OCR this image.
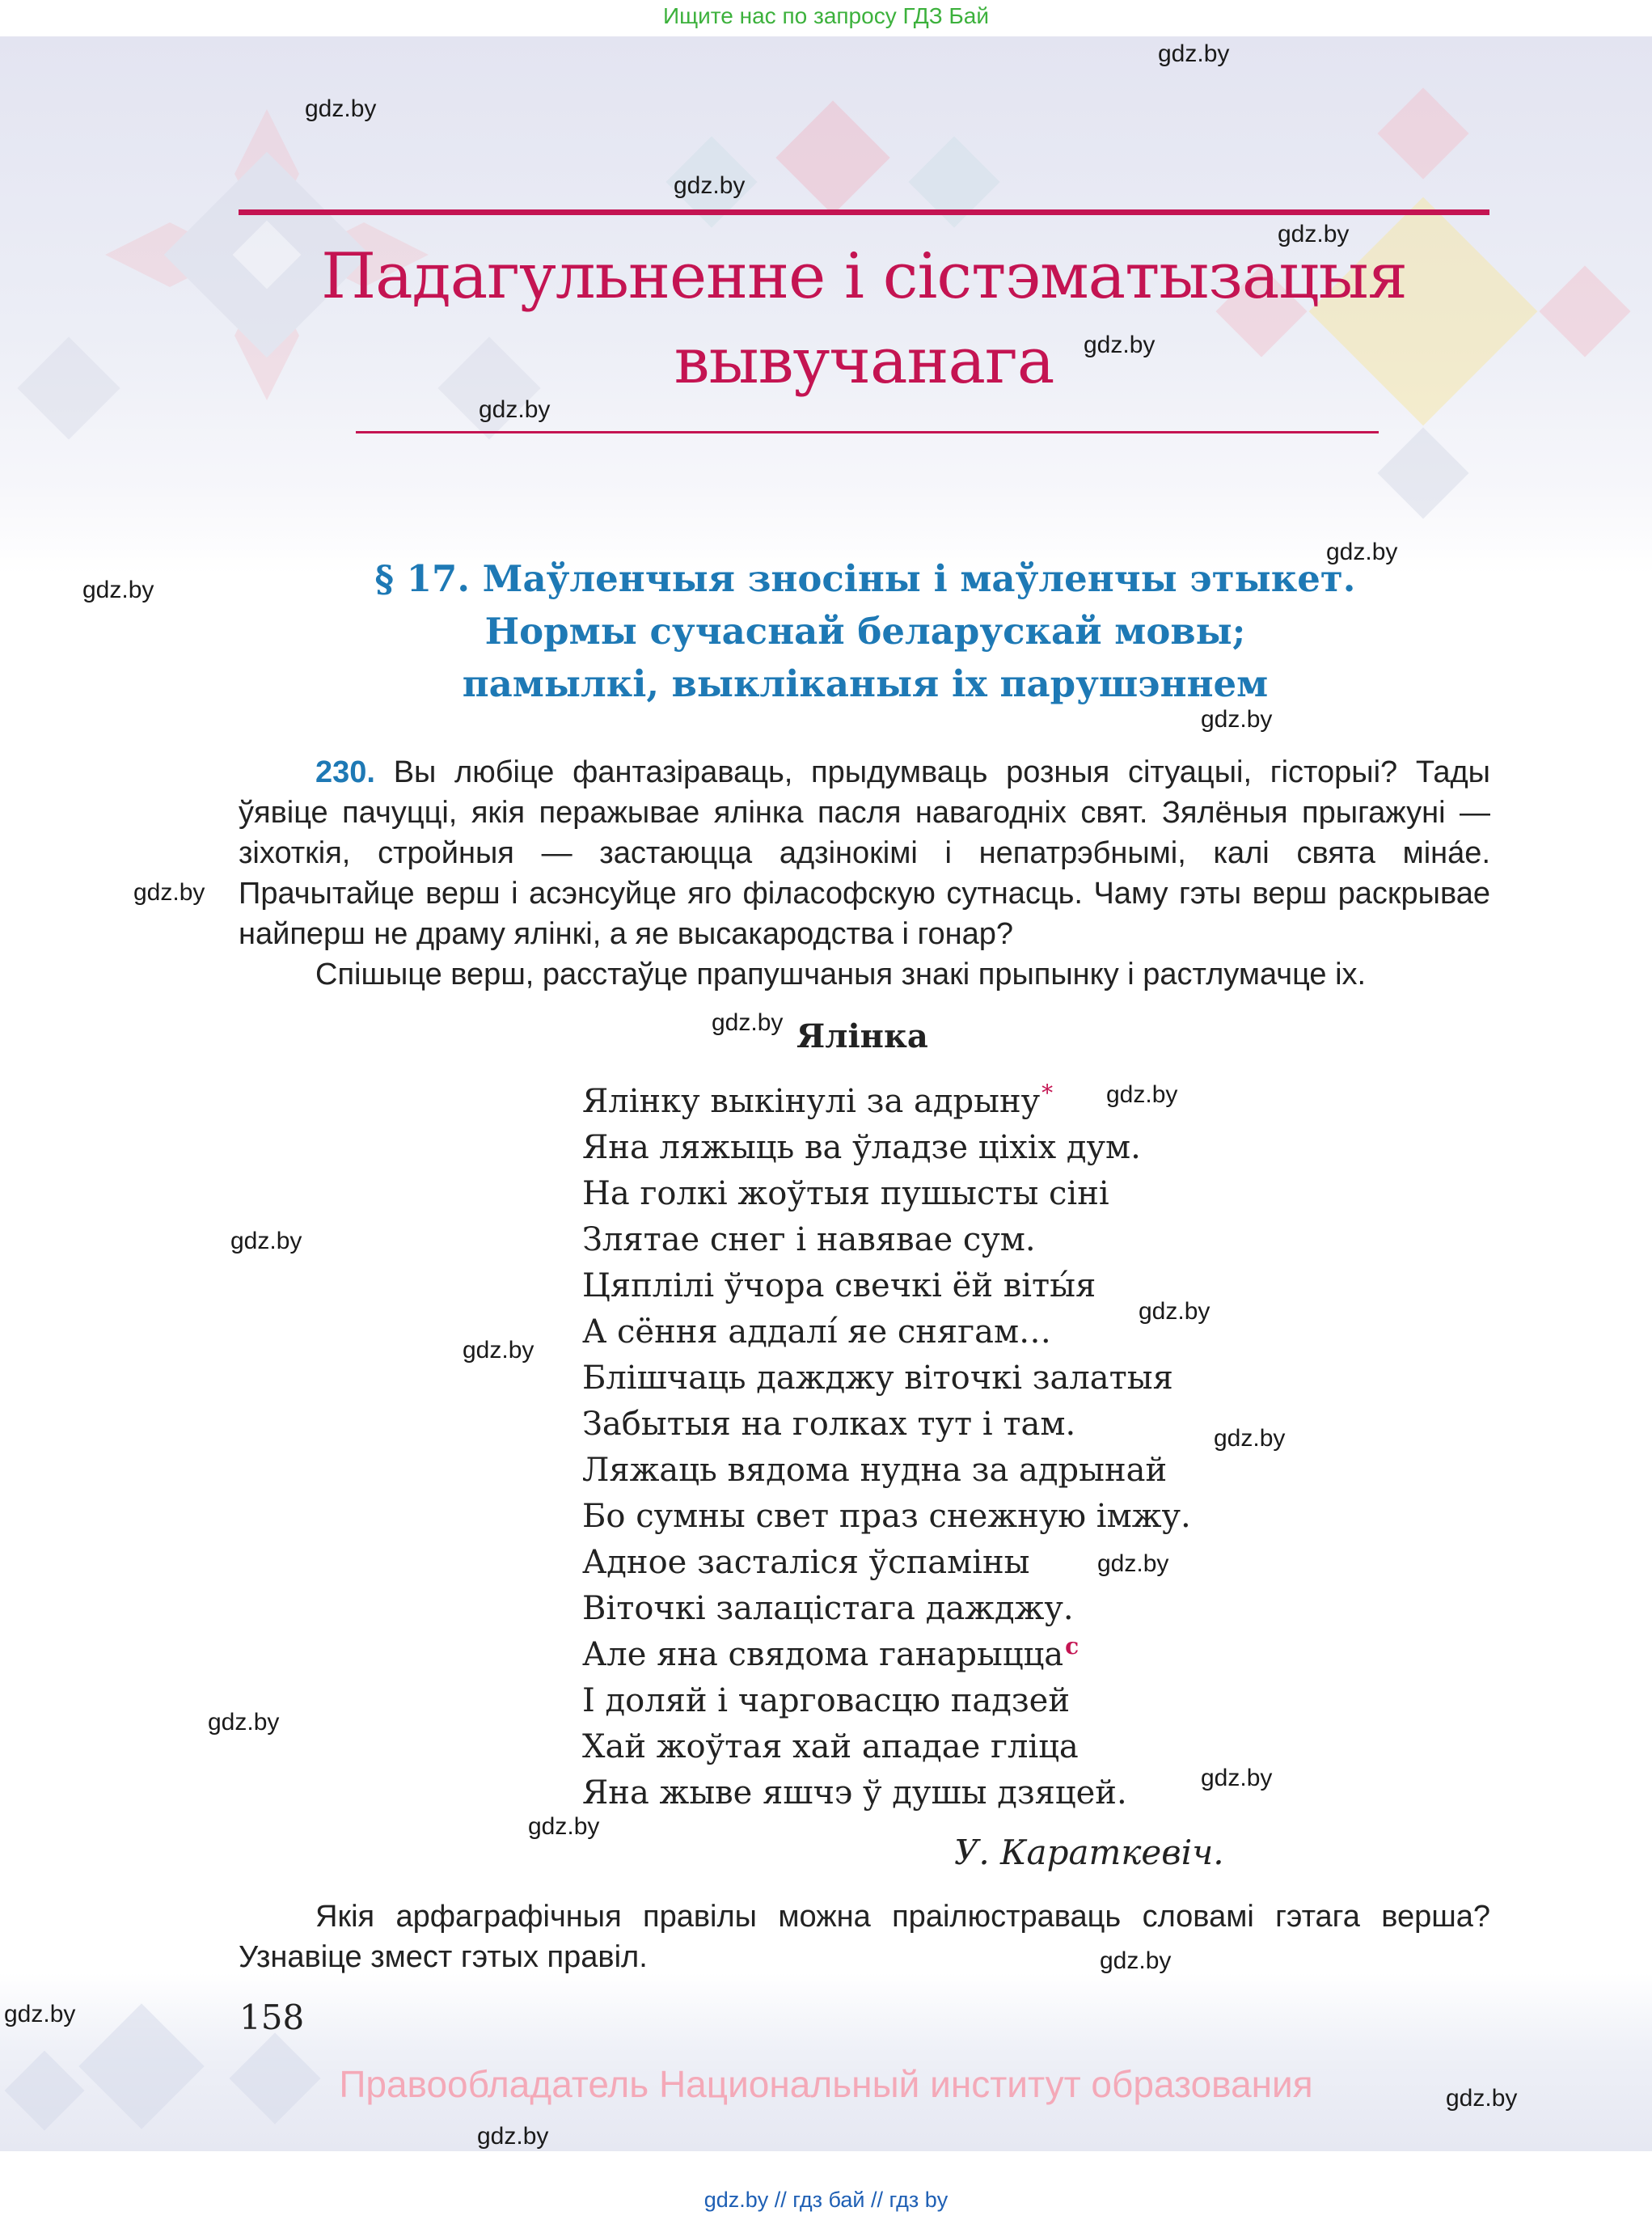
Ищите нас по запросу ГДЗ Бай
Падагульненне і сістэматызацыя
вывучанага
§ 17. Маўленчыя зносіны і маўленчы этыкет.
Нормы сучаснай беларускай мовы;
памылкі, выкліканыя іх парушэннем

230. Вы любіце фантазіраваць, прыдумваць розныя сітуацыі, гісторыі? Тады ўявіце пачуцці, якія перажывае ялінка пасля навагодніх свят. Зялёныя прыгажуні — зіхоткія, стройныя — застаюцца адзінокімі і непатрэбнымі, калі свята міна́е. Прачытайце верш і асэнсуйце яго філасофскую сутнасць. Чаму гэты верш раскрывае найперш не драму ялінкі, а яе высакародства і гонар?

Спішыце верш, расстаўце прапушчаныя знакі прыпынку і растлумачце іх.

Ялінка
Ялінку выкінулі за адрыну*
Яна ляжыць ва ўладзе ціхіх дум.
На голкі жоўтыя пушысты сіні
Злятае снег і навявае сум.
Цяплілі ўчора свечкі ёй віты́я
А сёння аддалі́ яе снягам…
Блішчаць дажджу віточкі залатыя
Забытыя на голках тут і там.
Ляжаць вядома нудна за адрынай
Бо сумны свет праз снежную імжу.
Адное засталіся ўспаміны
Віточкі залацістага дажджу.
Але яна свядома ганарыцца$^с$
І доляй і чарговасцю падзей
Хай жоўтая хай ападае гліца
Яна жыве яшчэ ў душы дзяцей.
У. Караткевіч.

Якія арфаграфічныя правілы можна праілюстраваць словамі гэтага верша? Узнавіце змест гэтых правіл.

158
Правообладатель Национальный институт образования
gdz.by // гдз бай // гдз by
gdz.by
gdz.by
gdz.by
gdz.by
gdz.by
gdz.by
gdz.by
gdz.by
gdz.by
gdz.by
gdz.by
gdz.by
gdz.by
gdz.by
gdz.by
gdz.by
gdz.by
gdz.by
gdz.by
gdz.by
gdz.by
gdz.by
gdz.by
gdz.by
